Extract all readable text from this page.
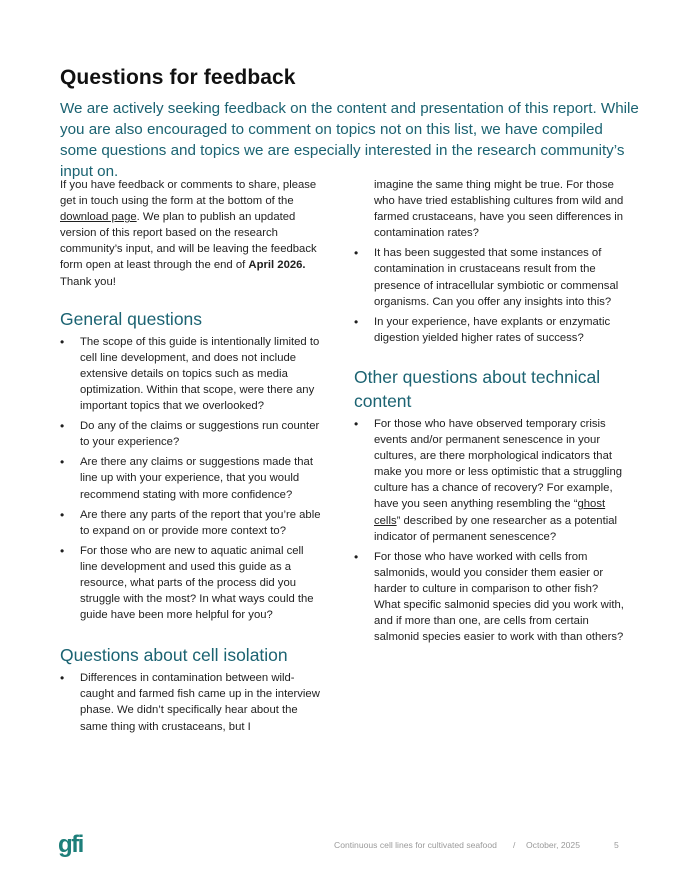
Questions for feedback

We are actively seeking feedback on the content and presentation of this report. While you are also encouraged to comment on topics not on this list, we have compiled some questions and topics we are especially interested in the research community’s input on.

If you have feedback or comments to share, please get in touch using the form at the bottom of the download page. We plan to publish an updated version of this report based on the research community’s input, and will be leaving the feedback form open at least through the end of April 2026. Thank you!

General questions
• The scope of this guide is intentionally limited to cell line development, and does not include extensive details on topics such as media optimization. Within that scope, were there any important topics that we overlooked?
• Do any of the claims or suggestions run counter to your experience?
• Are there any claims or suggestions made that line up with your experience, that you would recommend stating with more confidence?
• Are there any parts of the report that you’re able to expand on or provide more context to?
• For those who are new to aquatic animal cell line development and used this guide as a resource, what parts of the process did you struggle with the most? In what ways could the guide have been more helpful for you?
Questions about cell isolation
• Differences in contamination between wild-caught and farmed fish came up in the interview phase. We didn’t specifically hear about the same thing with crustaceans, but I

imagine the same thing might be true. For those who have tried establishing cultures from wild and farmed crustaceans, have you seen differences in contamination rates?

• It has been suggested that some instances of contamination in crustaceans result from the presence of intracellular symbiotic or commensal organisms. Can you offer any insights into this?
• In your experience, have explants or enzymatic digestion yielded higher rates of success?
Other questions about technical content
• For those who have observed temporary crisis events and/or permanent senescence in your cultures, are there morphological indicators that make you more or less optimistic that a struggling culture has a chance of recovery? For example, have you seen anything resembling the “ghost cells” described by one researcher as a potential indicator of permanent senescence?
• For those who have worked with cells from salmonids, would you consider them easier or harder to culture in comparison to other fish? What specific salmonid species did you work with, and if more than one, are cells from certain salmonid species easier to work with than others?
gfi	Continuous cell lines for cultivated seafood / October, 2025	5
